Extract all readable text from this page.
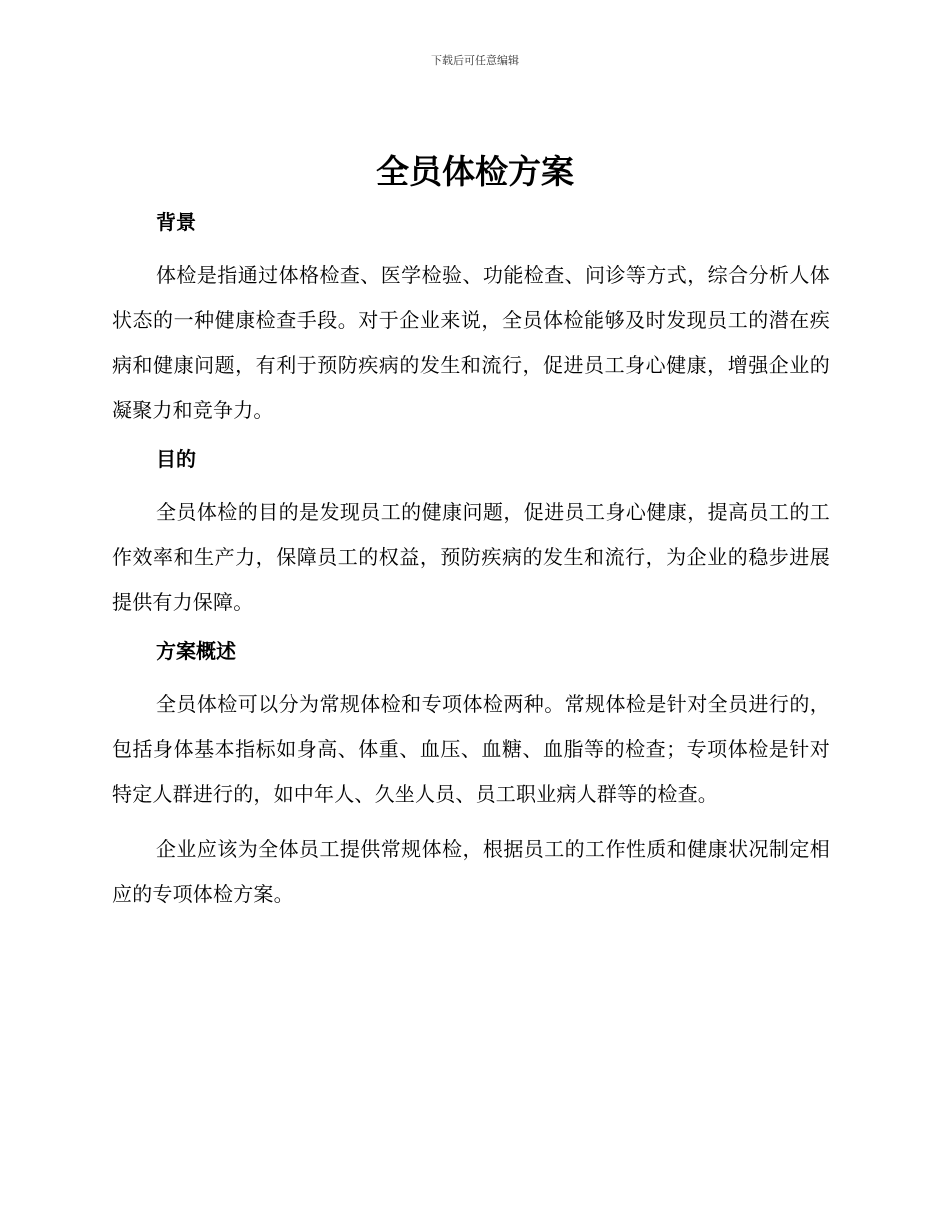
下载后可任意编辑
全员体检方案
背景

体检是指通过体格检查、医学检验、功能检查、问诊等方式，综合分析人体状态的一种健康检查手段。对于企业来说，全员体检能够及时发现员工的潜在疾病和健康问题，有利于预防疾病的发生和流行，促进员工身心健康，增强企业的凝聚力和竞争力。

目的

全员体检的目的是发现员工的健康问题，促进员工身心健康，提高员工的工作效率和生产力，保障员工的权益，预防疾病的发生和流行，为企业的稳步进展提供有力保障。

方案概述

全员体检可以分为常规体检和专项体检两种。常规体检是针对全员进行的，包括身体基本指标如身高、体重、血压、血糖、血脂等的检查；专项体检是针对特定人群进行的，如中年人、久坐人员、员工职业病人群等的检查。

企业应该为全体员工提供常规体检，根据员工的工作性质和健康状况制定相应的专项体检方案。
